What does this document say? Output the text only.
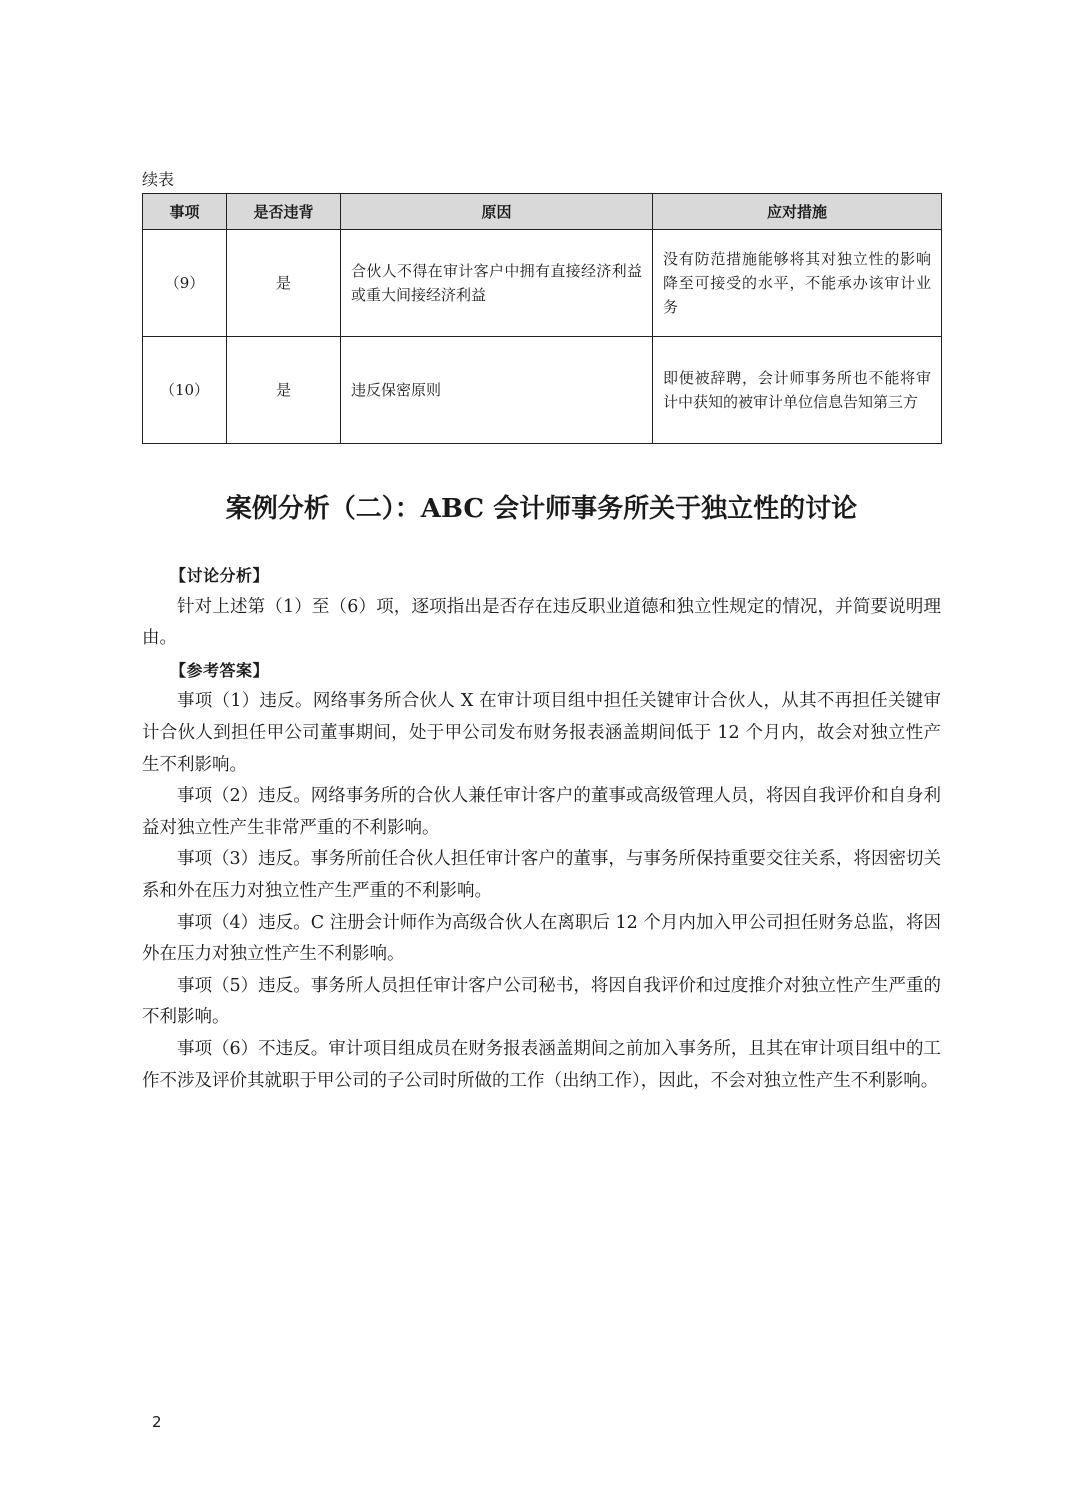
续表
事项	是否违背	原因	应对措施
（9）	是	合伙人不得在审计客户中拥有直接经济利益或重大间接经济利益	没有防范措施能够将其对独立性的影响降至可接受的水平，不能承办该审计业务
（10）	是	违反保密原则	即便被辞聘，会计师事务所也不能将审计中获知的被审计单位信息告知第三方
案例分析（二）：ABC 会计师事务所关于独立性的讨论
【讨论分析】

针对上述第（1）至（6）项，逐项指出是否存在违反职业道德和独立性规定的情况，并简要说明理由。

【参考答案】

事项（1）违反。网络事务所合伙人 X 在审计项目组中担任关键审计合伙人，从其不再担任关键审计合伙人到担任甲公司董事期间，处于甲公司发布财务报表涵盖期间低于 12 个月内，故会对独立性产生不利影响。

事项（2）违反。网络事务所的合伙人兼任审计客户的董事或高级管理人员，将因自我评价和自身利益对独立性产生非常严重的不利影响。

事项（3）违反。事务所前任合伙人担任审计客户的董事，与事务所保持重要交往关系，将因密切关系和外在压力对独立性产生严重的不利影响。

事项（4）违反。C 注册会计师作为高级合伙人在离职后 12 个月内加入甲公司担任财务总监，将因外在压力对独立性产生不利影响。

事项（5）违反。事务所人员担任审计客户公司秘书，将因自我评价和过度推介对独立性产生严重的不利影响。

事项（6）不违反。审计项目组成员在财务报表涵盖期间之前加入事务所，且其在审计项目组中的工作不涉及评价其就职于甲公司的子公司时所做的工作（出纳工作），因此，不会对独立性产生不利影响。

2
